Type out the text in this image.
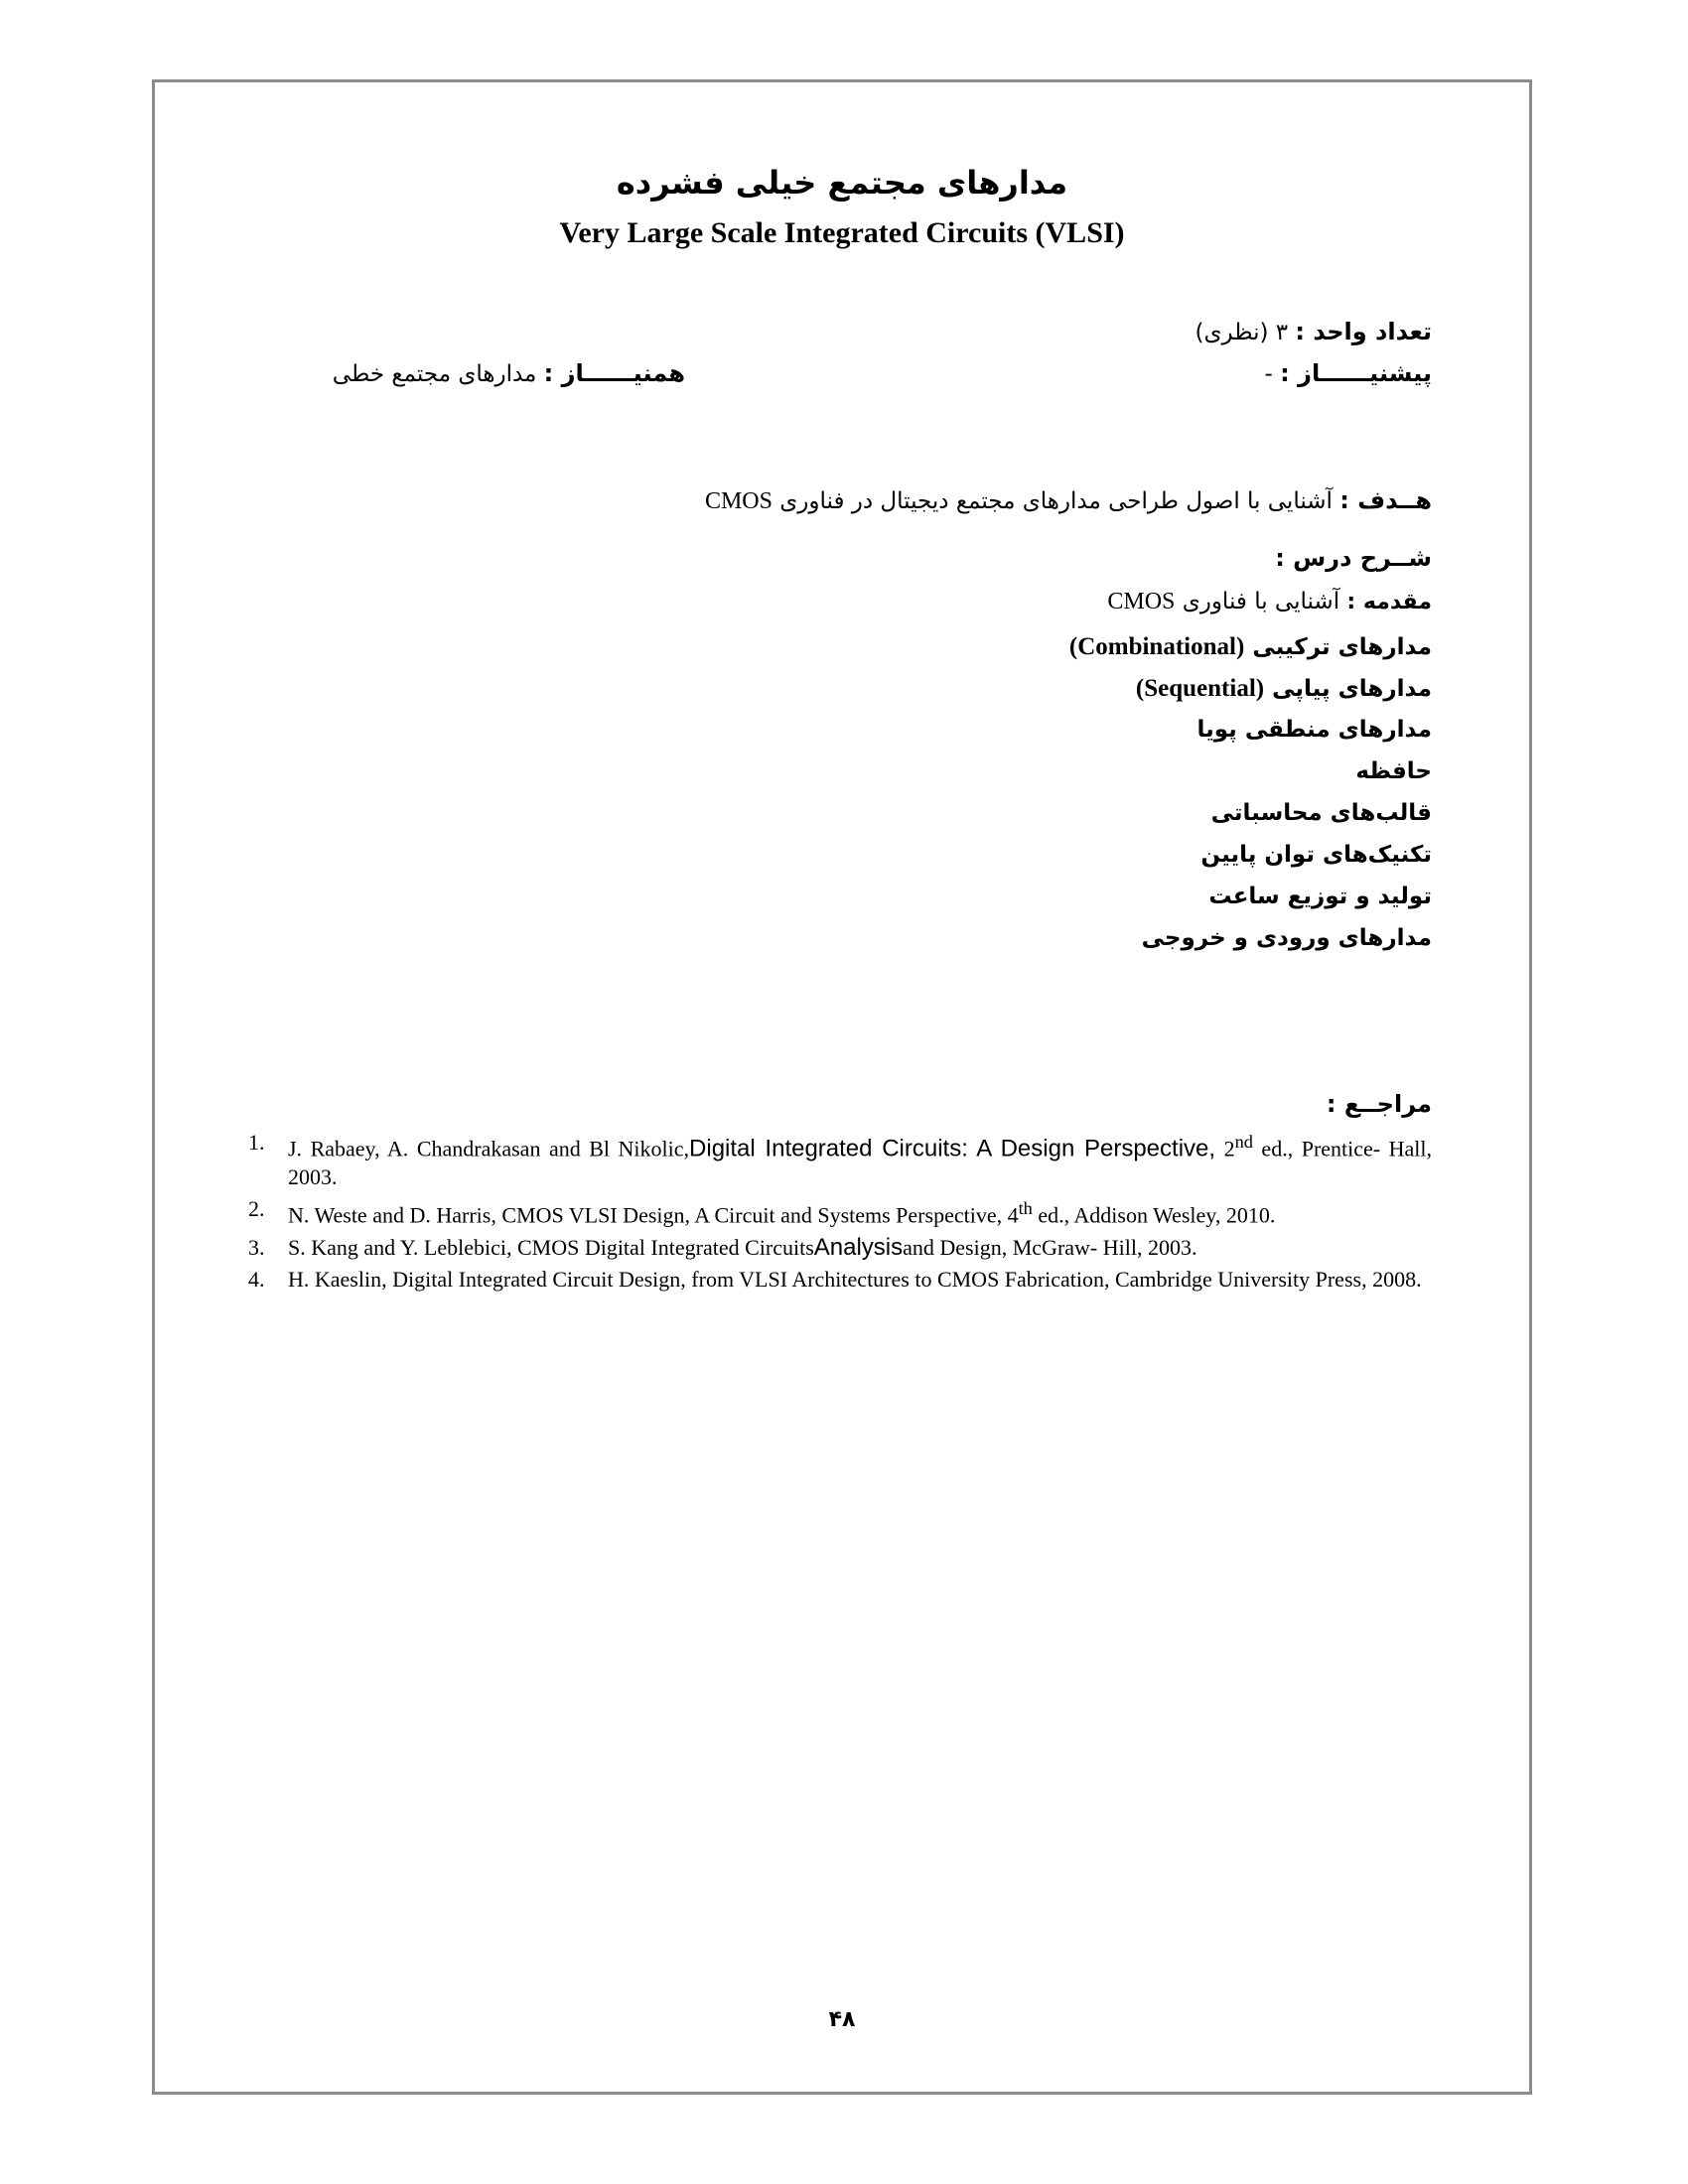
مدارهای مجتمع خیلی فشرده
Very Large Scale Integrated Circuits (VLSI)
تعداد واحد : ۳ (نظری)
پیشنیــــــاز : -
همنیــــــاز : مدارهای مجتمع خطی
هــدف : آشنایی با اصول طراحی مدارهای مجتمع دیجیتال در فناوری CMOS
شــرح درس :
مقدمه : آشنایی با فناوری CMOS
مدارهای ترکیبی (Combinational)
مدارهای پیاپی (Sequential)
مدارهای منطقی پویا
حافظه
قالب‌های محاسباتی
تکنیک‌های توان پایین
تولید و توزیع ساعت
مدارهای ورودی و خروجی
مراجــع :
1. J. Rabaey, A. Chandrakasan and Bl Nikolic,Digital Integrated Circuits: A Design Perspective, 2nd ed., Prentice- Hall, 2003.
2. N. Weste and D. Harris, CMOS VLSI Design, A Circuit and Systems Perspective, 4th ed., Addison Wesley, 2010.
3. S. Kang and Y. Leblebici, CMOS Digital Integrated CircuitsAnalysisand Design, McGraw- Hill, 2003.
4. H. Kaeslin, Digital Integrated Circuit Design, from VLSI Architectures to CMOS Fabrication, Cambridge University Press, 2008.
۴۸
